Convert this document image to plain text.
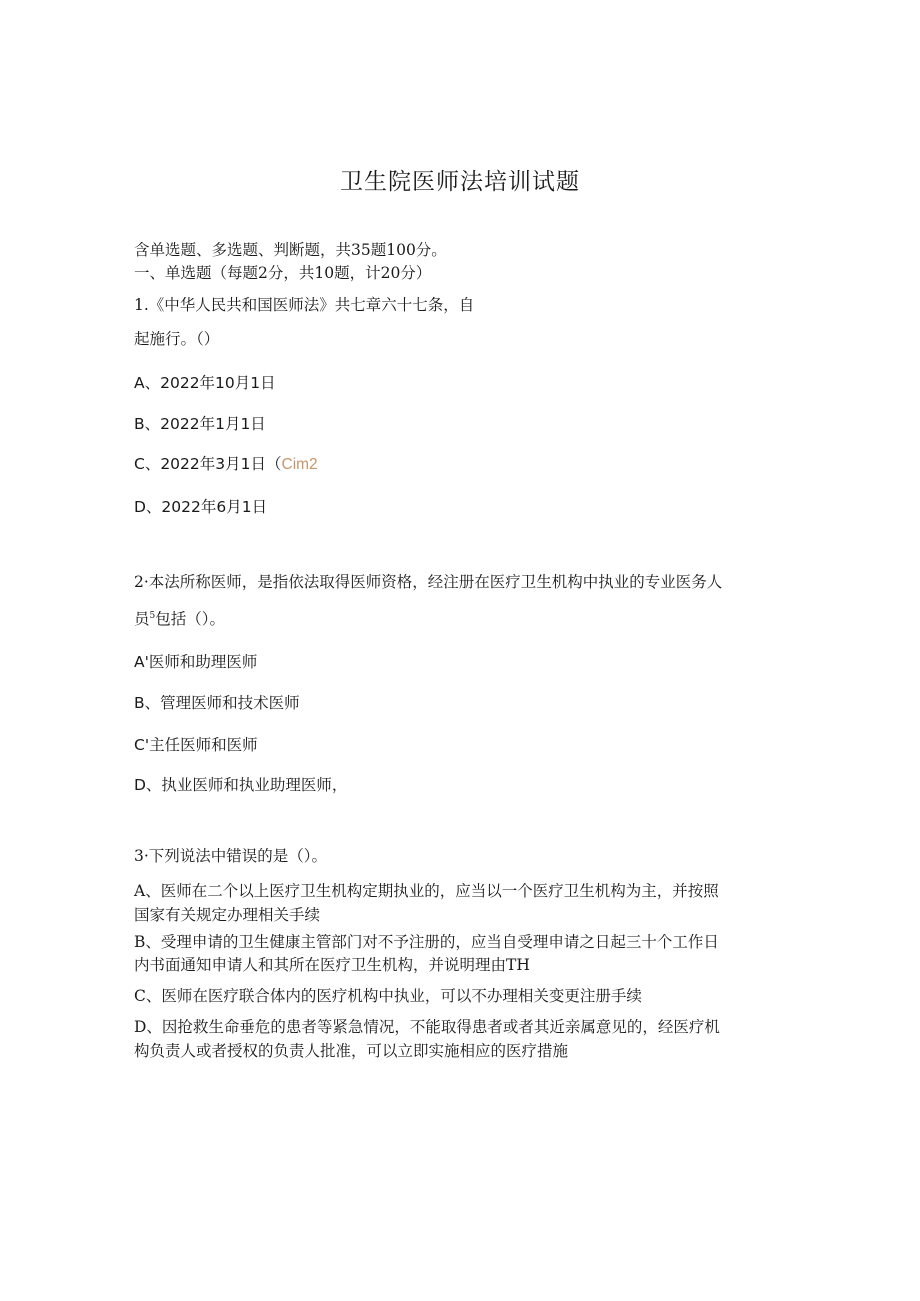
卫生院医师法培训试题
含单选题、多选题、判断题，共35题100分。
一、单选题（每题2分，共10题，计20分）
1.《中华人民共和国医师法》共七章六十七条，自
起施行。（）
A、2022年10月1日
B、2022年1月1日
C、2022年3月1日（Cim2
D、2022年6月1日
2·本法所称医师，是指依法取得医师资格，经注册在医疗卫生机构中执业的专业医务人
员$^5$包括（）。
A'医师和助理医师
B、管理医师和技术医师
C'主任医师和医师
D、执业医师和执业助理医师，
3·下列说法中错误的是（）。
A、医师在二个以上医疗卫生机构定期执业的，应当以一个医疗卫生机构为主，并按照
国家有关规定办理相关手续
B、受理申请的卫生健康主管部门对不予注册的，应当自受理申请之日起三十个工作日
内书面通知申请人和其所在医疗卫生机构，并说明理由TH
C、医师在医疗联合体内的医疗机构中执业，可以不办理相关变更注册手续
D、因抢救生命垂危的患者等紧急情况，不能取得患者或者其近亲属意见的，经医疗机
构负责人或者授权的负责人批准，可以立即实施相应的医疗措施
